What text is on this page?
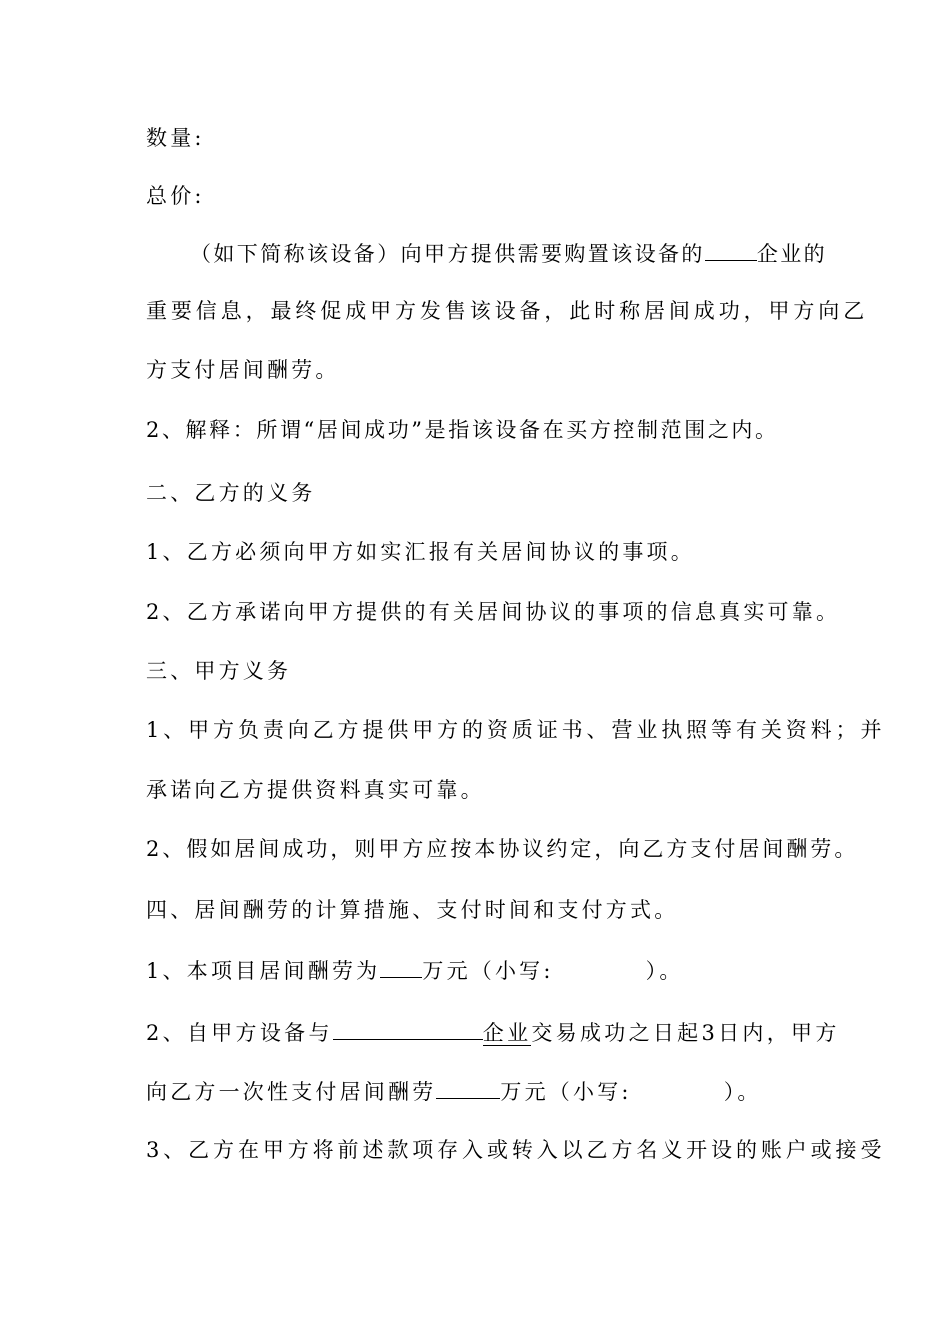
数量:
总价:
（如下简称该设备）向甲方提供需要购置该设备的 企业的
重要信息，最终促成甲方发售该设备，此时称居间成功，甲方向乙
方支付居间酬劳。
2、解释：所谓“居间成功”是指该设备在买方控制范围之内。
二、乙方的义务
1、乙方必须向甲方如实汇报有关居间协议的事项。
2、乙方承诺向甲方提供的有关居间协议的事项的信息真实可靠。
三、甲方义务
1、甲方负责向乙方提供甲方的资质证书、营业执照等有关资料；并
承诺向乙方提供资料真实可靠。
2、假如居间成功，则甲方应按本协议约定，向乙方支付居间酬劳。
四、居间酬劳的计算措施、支付时间和支付方式。
1、本项目居间酬劳为 万元（小写:	）。
2、自甲方设备与	企业交易成功之日起3日内，甲方
向乙方一次性支付居间酬劳	万元（小写:	）。
3、乙方在甲方将前述款项存入或转入以乙方名义开设的账户或接受
